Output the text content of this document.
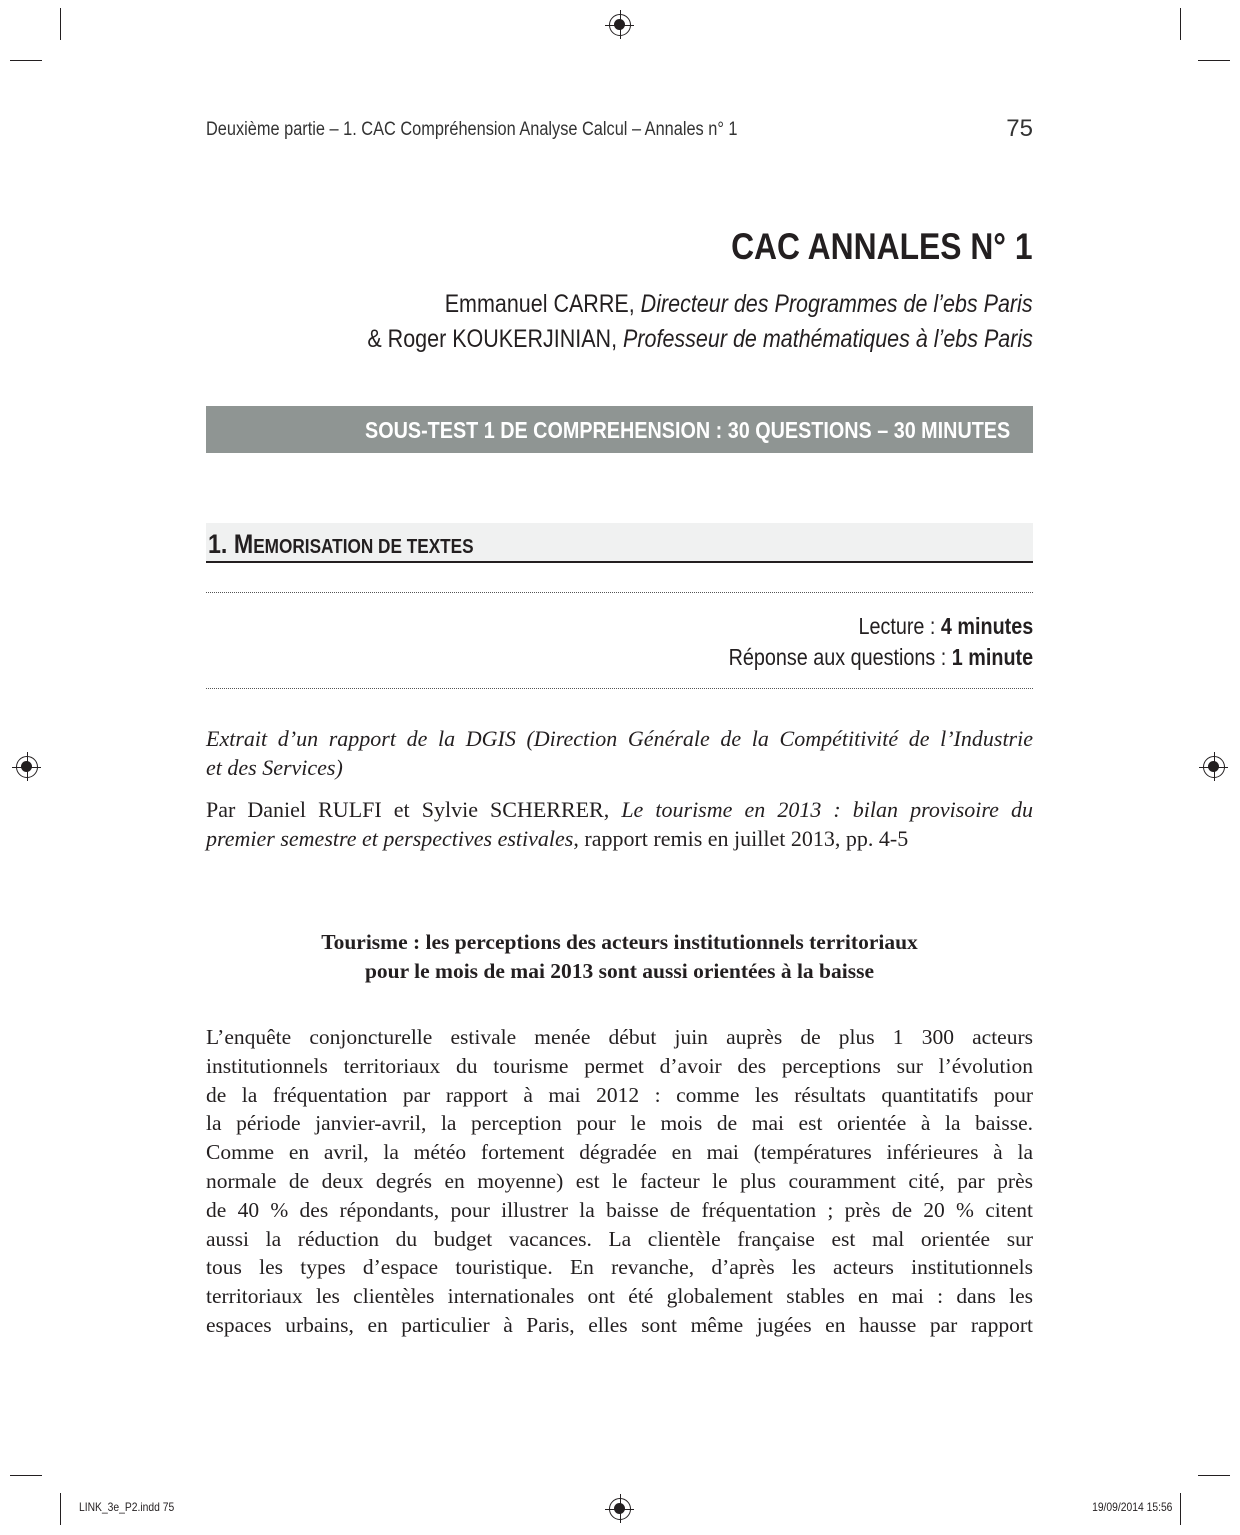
Deuxième partie – 1. CAC Compréhension Analyse Calcul – Annales n° 1	75
CAC ANNALES N° 1
Emmanuel CARRE, Directeur des Programmes de l’ebs Paris
& Roger KOUKERJINIAN, Professeur de mathématiques à l’ebs Paris
SOUS-TEST 1 DE COMPREHENSION : 30 QUESTIONS – 30 MINUTES
1. MEMORISATION DE TEXTES
Lecture : 4 minutes
Réponse aux questions : 1 minute
Extrait d’un rapport de la DGIS (Direction Générale de la Compétitivité de l’Industrie
et des Services)
Par Daniel RULFI et Sylvie SCHERRER, Le tourisme en 2013 : bilan provisoire du
premier semestre et perspectives estivales, rapport remis en juillet 2013, pp. 4-5
Tourisme : les perceptions des acteurs institutionnels territoriaux
pour le mois de mai 2013 sont aussi orientées à la baisse
L’enquête conjoncturelle estivale menée début juin auprès de plus 1 300 acteurs
institutionnels territoriaux du tourisme permet d’avoir des perceptions sur l’évolution
de la fréquentation par rapport à mai 2012 : comme les résultats quantitatifs pour
la période janvier-avril, la perception pour le mois de mai est orientée à la baisse.
Comme en avril, la météo fortement dégradée en mai (températures inférieures à la
normale de deux degrés en moyenne) est le facteur le plus couramment cité, par près
de 40 % des répondants, pour illustrer la baisse de fréquentation ; près de 20 % citent
aussi la réduction du budget vacances. La clientèle française est mal orientée sur
tous les types d’espace touristique. En revanche, d’après les acteurs institutionnels
territoriaux les clientèles internationales ont été globalement stables en mai : dans les
espaces urbains, en particulier à Paris, elles sont même jugées en hausse par rapport
LINK_3e_P2.indd 75	19/09/2014 15:56
